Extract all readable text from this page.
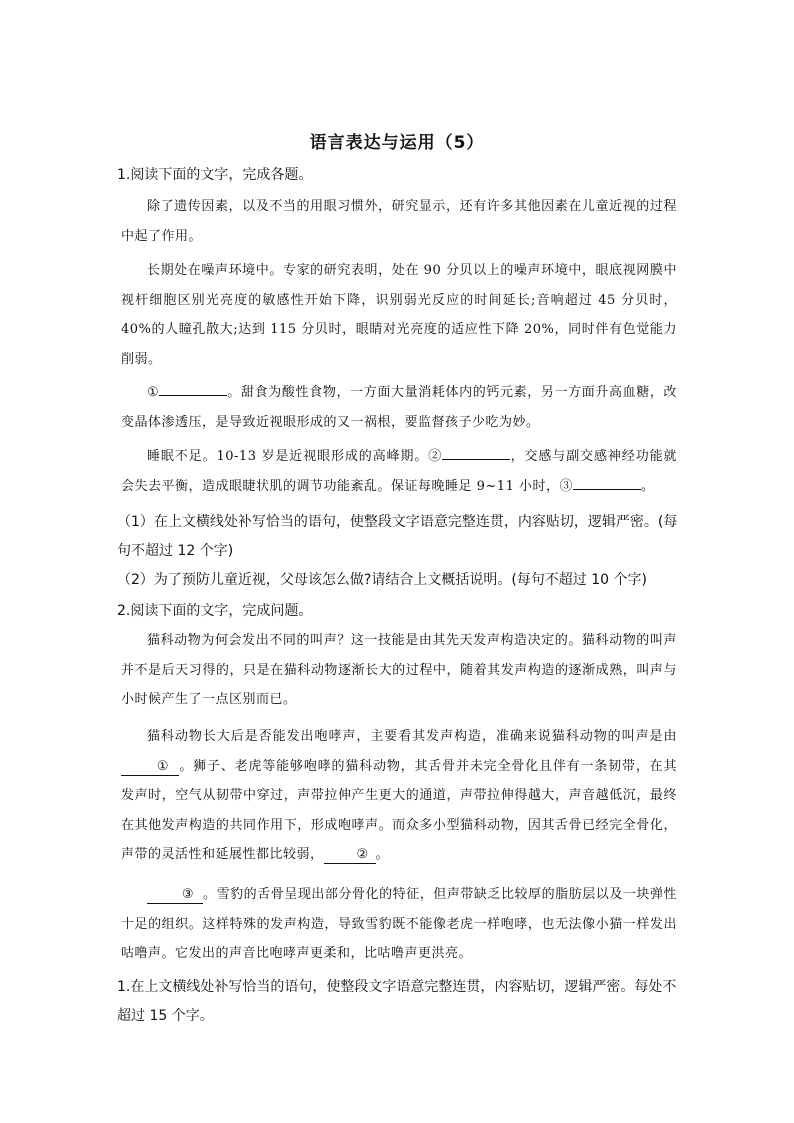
语言表达与运用（5）
1.阅读下面的文字，完成各题。
除了遗传因素，以及不当的用眼习惯外，研究显示，还有许多其他因素在儿童近视的过程中起了作用。
长期处在噪声环境中。专家的研究表明，处在 90 分贝以上的噪声环境中，眼底视网膜中视杆细胞区别光亮度的敏感性开始下降，识别弱光反应的时间延长;音响超过 45 分贝时，40%的人瞳孔散大;达到 115 分贝时，眼睛对光亮度的适应性下降 20%，同时伴有色觉能力削弱。
①	。甜食为酸性食物，一方面大量消耗体内的钙元素，另一方面升高血糖，改变晶体渗透压，是导致近视眼形成的又一祸根，要监督孩子少吃为妙。
睡眠不足。10-13 岁是近视眼形成的高峰期。②	，交感与副交感神经功能就会失去平衡，造成眼睫状肌的调节功能紊乱。保证每晚睡足 9~11 小时，③	。
（1）在上文横线处补写恰当的语句，使整段文字语意完整连贯，内容贴切，逻辑严密。(每句不超过 12 个字)
（2）为了预防儿童近视，父母该怎么做?请结合上文概括说明。(每句不超过 10 个字)
2.阅读下面的文字，完成问题。
猫科动物为何会发出不同的叫声？这一技能是由其先天发声构造决定的。猫科动物的叫声并不是后天习得的，只是在猫科动物逐渐长大的过程中，随着其发声构造的逐渐成熟，叫声与小时候产生了一点区别而已。
猫科动物长大后是否能发出咆哮声，主要看其发声构造，准确来说猫科动物的叫声是由① 。狮子、老虎等能够咆哮的猫科动物，其舌骨并未完全骨化且伴有一条韧带，在其发声时，空气从韧带中穿过，声带拉伸产生更大的通道，声带拉伸得越大，声音越低沉，最终在其他发声构造的共同作用下，形成咆哮声。而众多小型猫科动物，因其舌骨已经完全骨化，声带的灵活性和延展性都比较弱，	② 。
③ 。雪豹的舌骨呈现出部分骨化的特征，但声带缺乏比较厚的脂肪层以及一块弹性十足的组织。这样特殊的发声构造，导致雪豹既不能像老虎一样咆哮，也无法像小猫一样发出咕噜声。它发出的声音比咆哮声更柔和，比咕噜声更洪亮。
1.在上文横线处补写恰当的语句，使整段文字语意完整连贯，内容贴切，逻辑严密。每处不超过 15 个字。
